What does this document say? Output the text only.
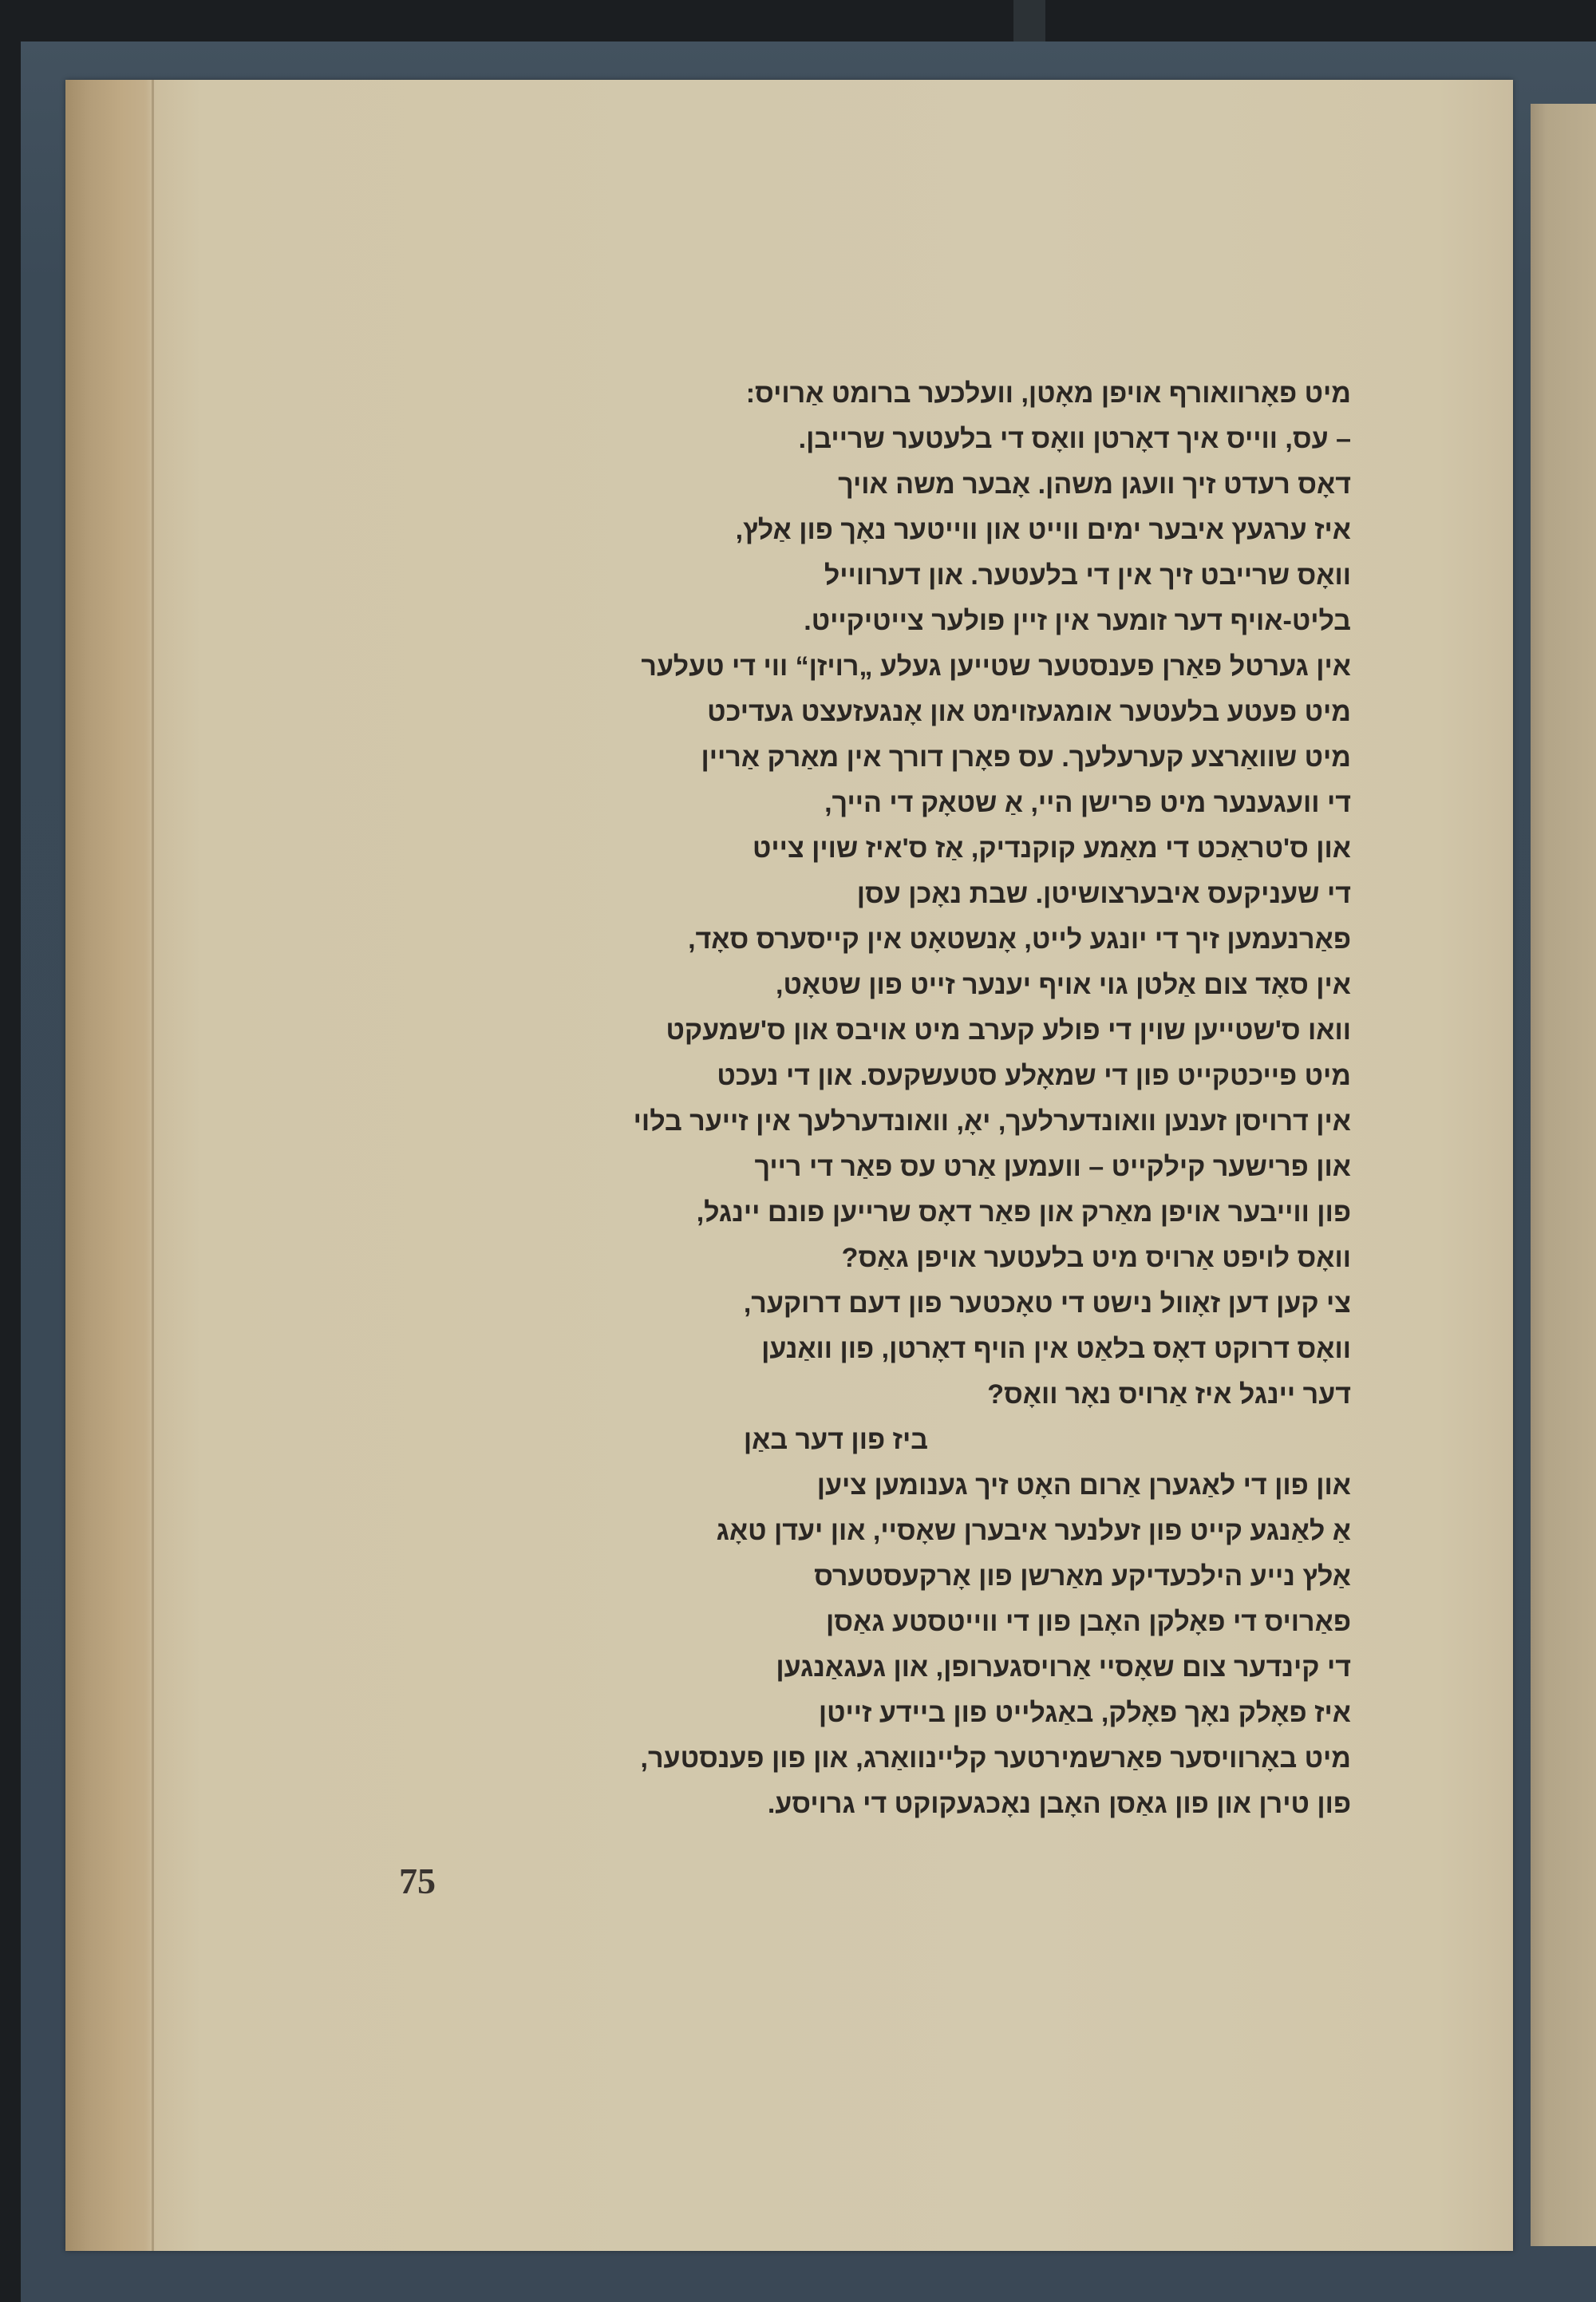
מיט פאָרוואורף אויפן מאָטן, וועלכער ברומט אַרויס:
– עס, ווייס איך דאָרטן וואָס די בלעטער שרייבן.
דאָס רעדט זיך וועגן משהן. אָבער משה אויך
איז ערגעץ איבער ימים ווייט און ווייטער נאָך פון אַלץ,
וואָס שרייבט זיך אין די בלעטער. און דערווייל
בליט-אויף דער זומער אין זיין פולער צייטיקייט.
אין גערטל פאַרן פענסטער שטייען געלע „רויזן“ ווי די טעלער
מיט פעטע בלעטער אומגעזוימט און אָנגעזעצט געדיכט
מיט שוואַרצע קערעלעך. עס פאָרן דורך אין מאַרק אַריין
די וועגענער מיט פרישן היי, אַ שטאָק די הייך,
און ס'טראַכט די מאַמע קוקנדיק, אַז ס'איז שוין צייט
די שעניקעס איבערצושיטן. שבת נאָכן עסן
פאַרנעמען זיך די יונגע לייט, אָנשטאָט אין קייסערס סאָד,
אין סאָד צום אַלטן גוי אויף יענער זייט פון שטאָט,
וואו ס'שטייען שוין די פולע קערב מיט אויבס און ס'שמעקט
מיט פייכטקייט פון די שמאָלע סטעשקעס. און די נעכט
אין דרויסן זענען וואונדערלעך, יאָ, וואונדערלעך אין זייער בלוי
און פרישער קילקייט – וועמען אַרט עס פאַר די רייך
פון ווייבער אויפן מאַרק און פאַר דאָס שרייען פונם יינגל,
וואָס לויפט אַרויס מיט בלעטער אויפן גאַס?
צי קען דען זאָוול נישט די טאָכטער פון דעם דרוקער,
וואָס דרוקט דאָס בלאַט אין הויף דאָרטן, פון וואַנען
דער יינגל איז אַרויס נאָר וואָס?
ביז פון דער באַן
און פון די לאַגערן אַרום האָט זיך גענומען ציען
אַ לאַנגע קייט פון זעלנער איבערן שאָסיי, און יעדן טאָג
אַלץ נייע הילכעדיקע מאַרשן פון אָרקעסטערס
פאַרויס די פאָלקן האָבן פון די ווייטסטע גאַסן
די קינדער צום שאָסיי אַרויסגערופן, און געגאַנגען
איז פאָלק נאָך פאָלק, באַגלייט פון ביידע זייטן
מיט באָרוויסער פאַרשמירטער קליינוואַרג, און פון פענסטער,
פון טירן און פון גאַסן האָבן נאָכגעקוקט די גרויסע.
75
